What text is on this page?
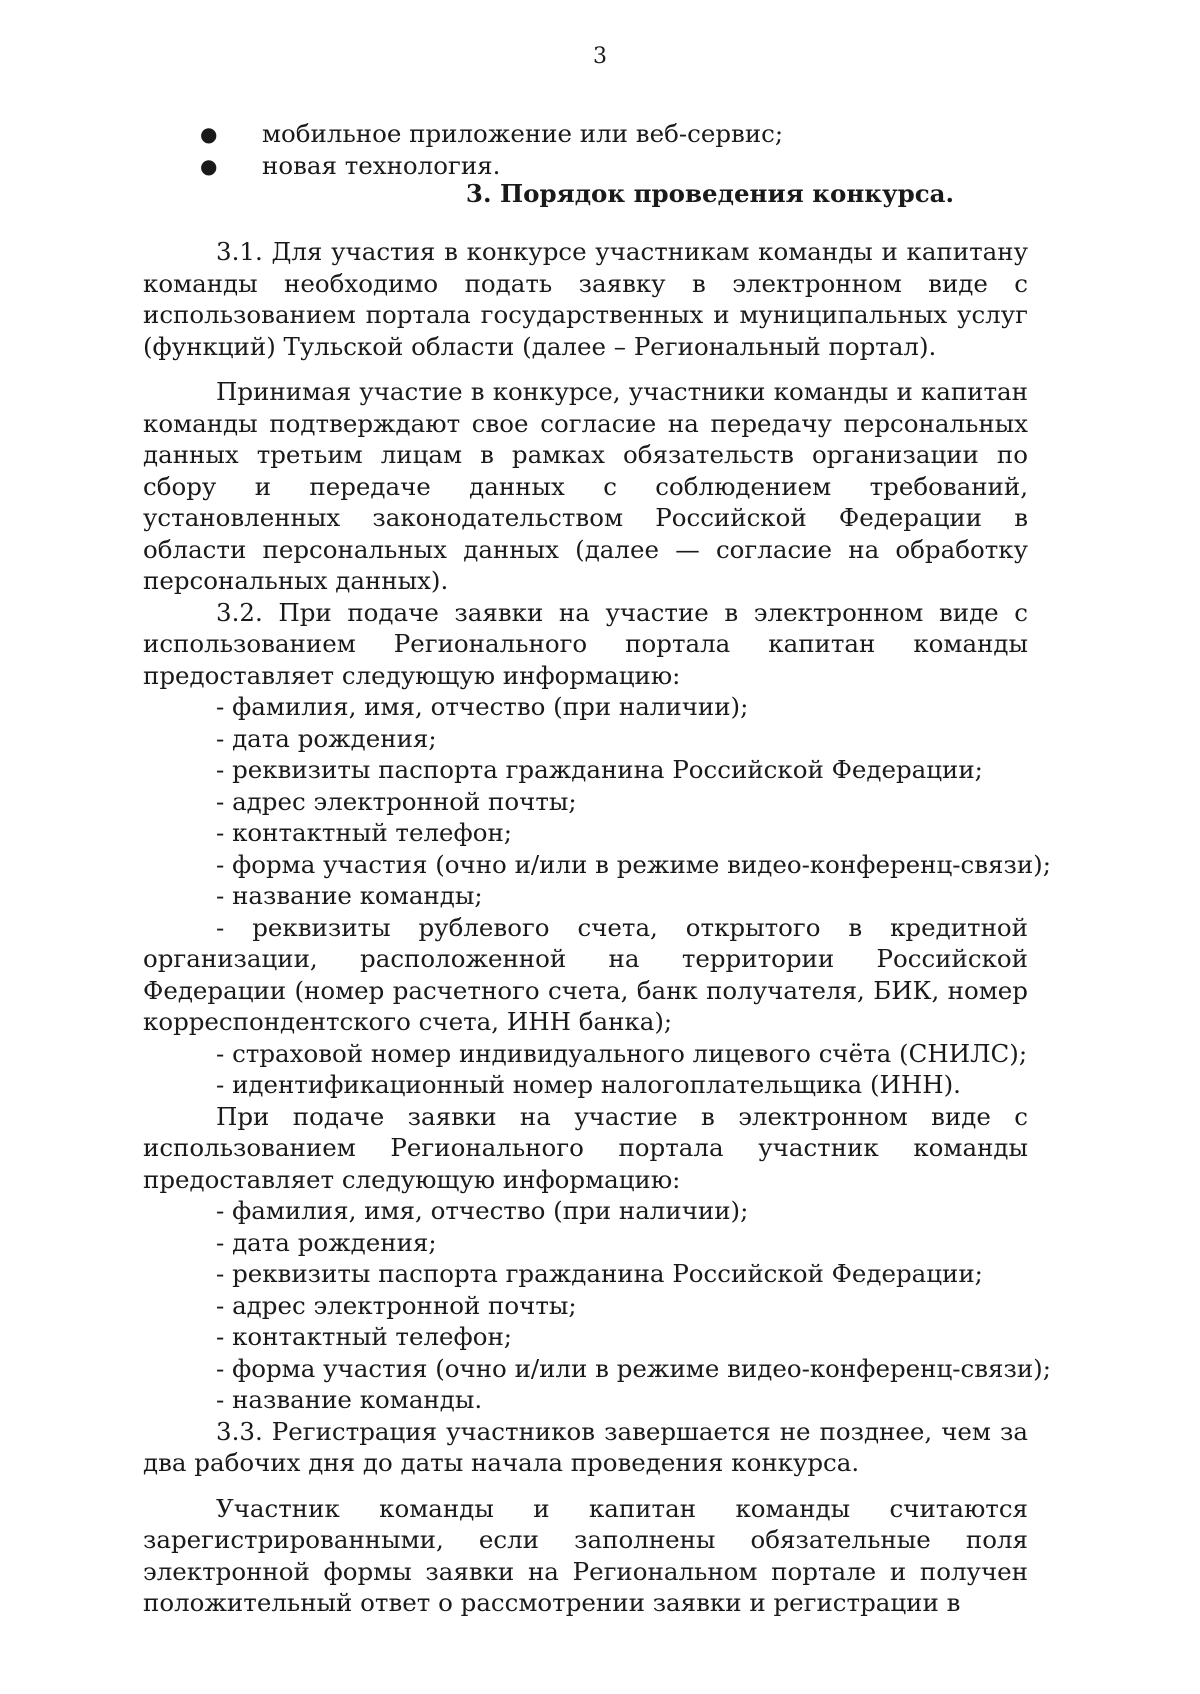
3
● мобильное приложение или веб-сервис;
● новая технология.
3. Порядок проведения конкурса.

3.1. Для участия в конкурсе участникам команды и капитану команды необходимо подать заявку в электронном виде с использованием портала государственных и муниципальных услуг (функций) Тульской области (далее – Региональный портал).

Принимая участие в конкурсе, участники команды и капитан команды подтверждают свое согласие на передачу персональных данных третьим лицам в рамках обязательств организации по сбору и передаче данных с соблюдением требований, установленных законодательством Российской Федерации в области персональных данных (далее — согласие на обработку персональных данных).

3.2. При подаче заявки на участие в электронном виде с использованием Регионального портала капитан команды предоставляет следующую информацию:

- фамилия, имя, отчество (при наличии);

- дата рождения;

- реквизиты паспорта гражданина Российской Федерации;

- адрес электронной почты;

- контактный телефон;

- форма участия (очно и/или в режиме видео-конференц-связи);

- название команды;

- реквизиты рублевого счета, открытого в кредитной организации, расположенной на территории Российской Федерации (номер расчетного счета, банк получателя, БИК, номер корреспондентского счета, ИНН банка);

- страховой номер индивидуального лицевого счёта (СНИЛС);

- идентификационный номер налогоплательщика (ИНН).

При подаче заявки на участие в электронном виде с использованием Регионального портала участник команды предоставляет следующую информацию:

- фамилия, имя, отчество (при наличии);

- дата рождения;

- реквизиты паспорта гражданина Российской Федерации;

- адрес электронной почты;

- контактный телефон;

- форма участия (очно и/или в режиме видео-конференц-связи);

- название команды.

3.3. Регистрация участников завершается не позднее, чем за два рабочих дня до даты начала проведения конкурса.

Участник команды и капитан команды считаются зарегистрированными, если заполнены обязательные поля электронной формы заявки на Региональном портале и получен положительный ответ о рассмотрении заявки и регистрации в
